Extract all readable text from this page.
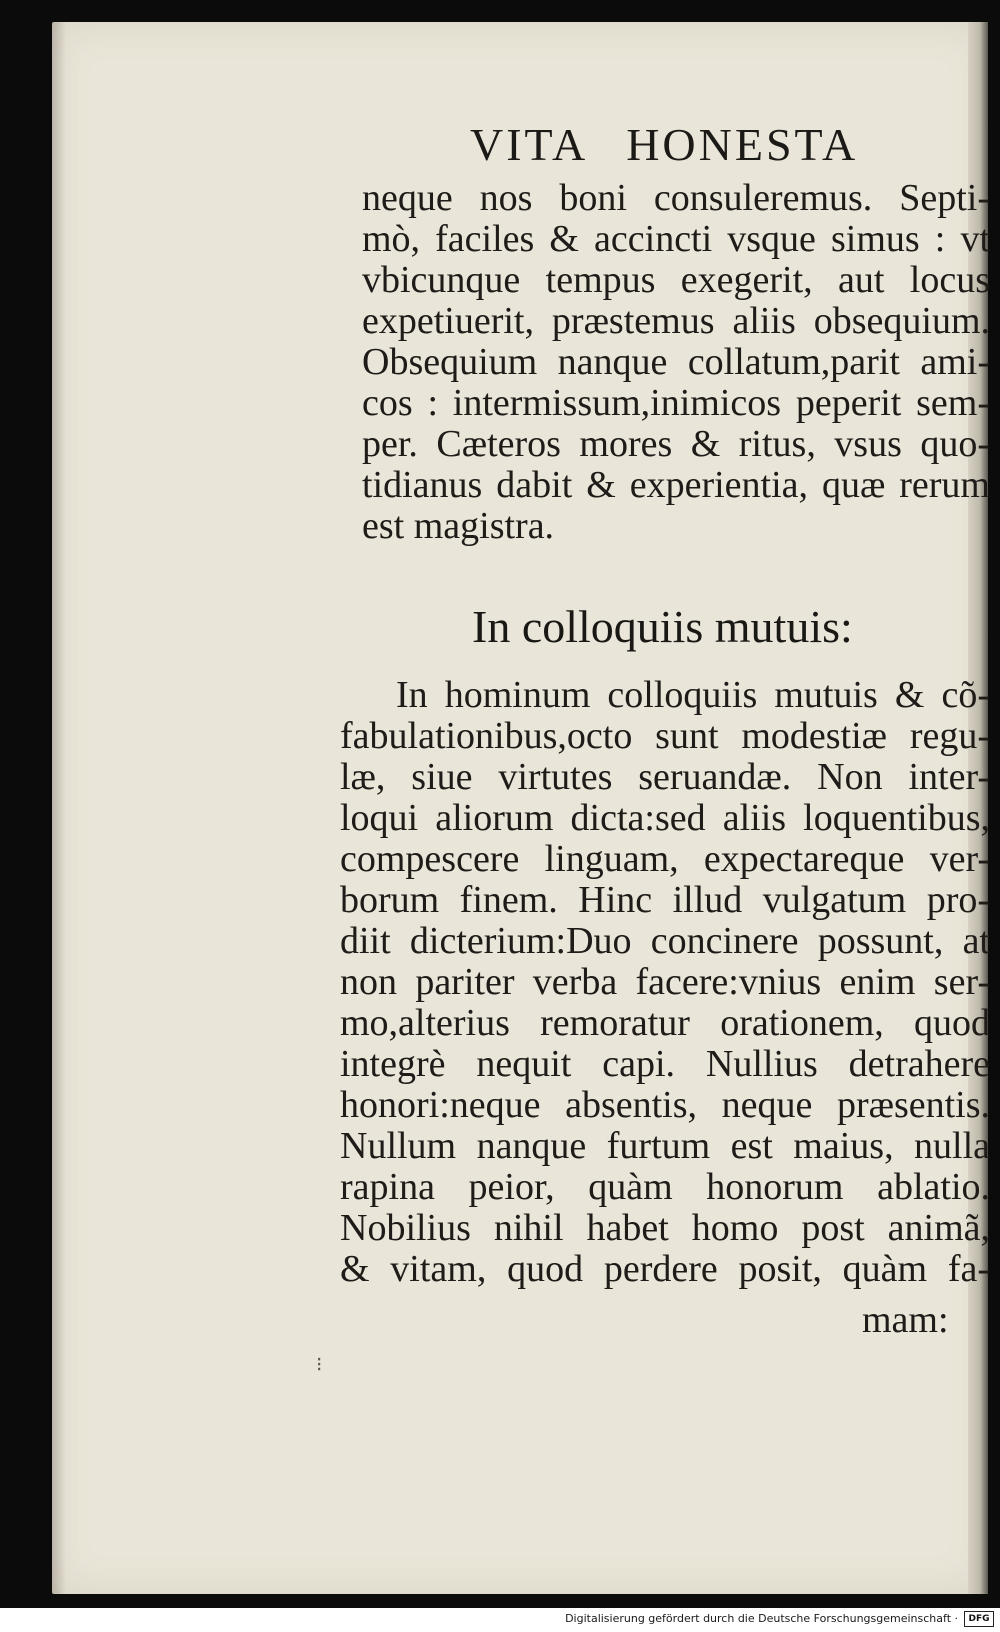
VITA HONESTA
neque nos boni consuleremus. Septi-
mò, faciles & accincti vsque simus : vt
vbicunque tempus exegerit, aut locus
expetiuerit, præstemus aliis obsequium.
Obsequium nanque collatum,parit ami-
cos : intermissum,inimicos peperit sem-
per. Cæteros mores & ritus, vsus quo-
tidianus dabit & experientia, quæ rerum
est magistra.
In colloquiis mutuis:
In hominum colloquiis mutuis & cõ-
fabulationibus,octo sunt modestiæ regu-
læ, siue virtutes seruandæ. Non inter-
loqui aliorum dicta:sed aliis loquentibus,
compescere linguam, expectareque ver-
borum finem. Hinc illud vulgatum pro-
diit dicterium:Duo concinere possunt, at
non pariter verba facere:vnius enim ser-
mo,alterius remoratur orationem, quod
integrè nequit capi. Nullius detrahere
honori:neque absentis, neque præsentis.
Nullum nanque furtum est maius, nulla
rapina peior, quàm honorum ablatio.
Nobilius nihil habet homo post animã,
& vitam, quod perdere posit, quàm fa-
mam:
⁝
Digitalisierung gefördert durch die Deutsche Forschungsgemeinschaft ·	DFG
